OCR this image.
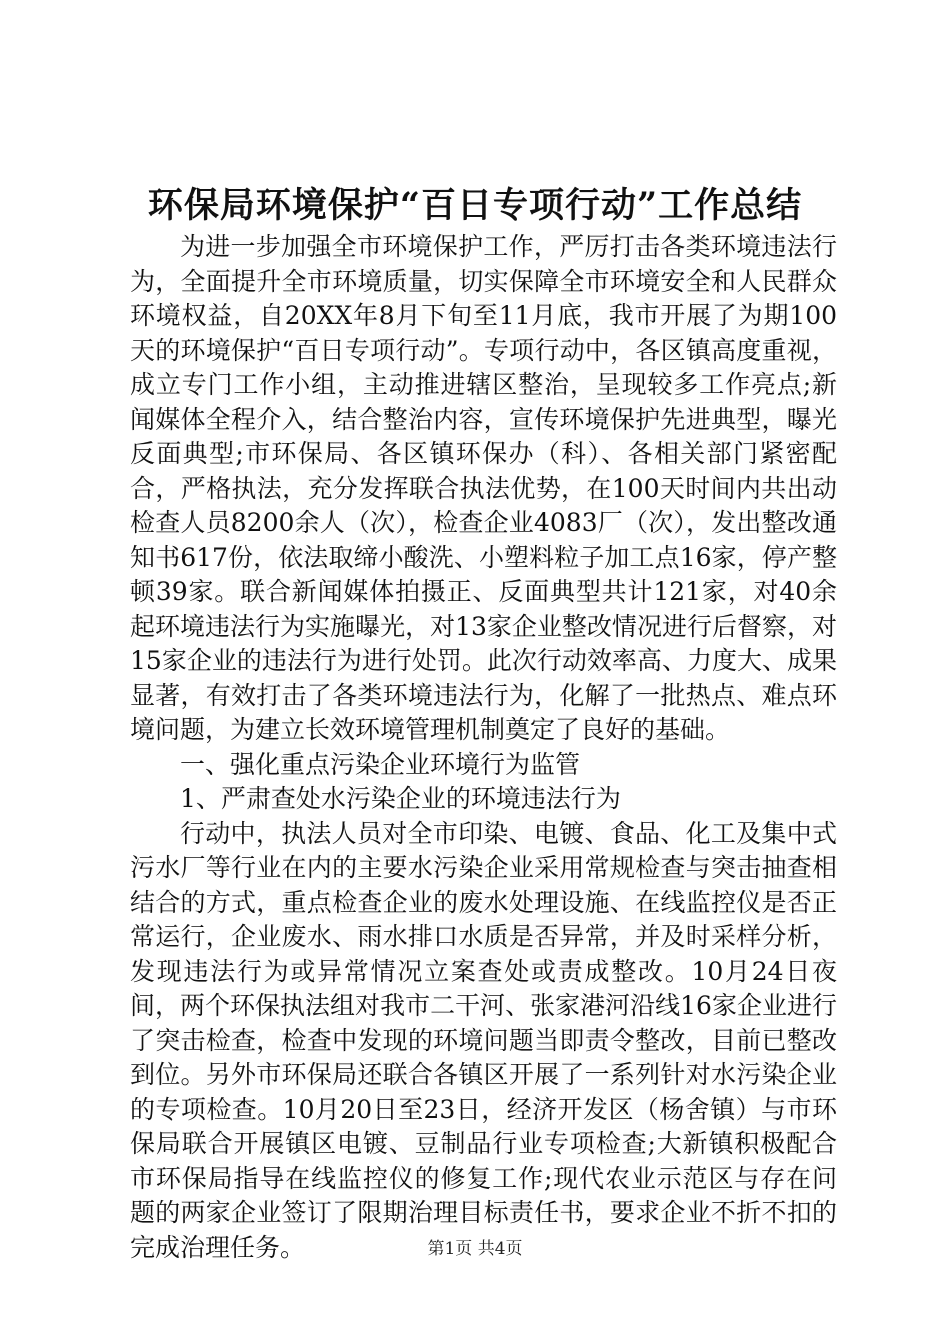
环保局环境保护“百日专项行动”工作总结

为进一步加强全市环境保护工作，严厉打击各类环境违法行为，全面提升全市环境质量，切实保障全市环境安全和人民群众环境权益，自20XX年8月下旬至11月底，我市开展了为期100天的环境保护“百日专项行动”。专项行动中，各区镇高度重视，成立专门工作小组，主动推进辖区整治，呈现较多工作亮点;新闻媒体全程介入，结合整治内容，宣传环境保护先进典型，曝光反面典型;市环保局、各区镇环保办（科）、各相关部门紧密配合，严格执法，充分发挥联合执法优势，在100天时间内共出动检查人员8200余人（次），检查企业4083厂（次），发出整改通知书617份，依法取缔小酸洗、小塑料粒子加工点16家，停产整顿39家。联合新闻媒体拍摄正、反面典型共计121家，对40余起环境违法行为实施曝光，对13家企业整改情况进行后督察，对15家企业的违法行为进行处罚。此次行动效率高、力度大、成果显著，有效打击了各类环境违法行为，化解了一批热点、难点环境问题，为建立长效环境管理机制奠定了良好的基础。

一、强化重点污染企业环境行为监管

1、严肃查处水污染企业的环境违法行为

行动中，执法人员对全市印染、电镀、食品、化工及集中式污水厂等行业在内的主要水污染企业采用常规检查与突击抽查相结合的方式，重点检查企业的废水处理设施、在线监控仪是否正常运行，企业废水、雨水排口水质是否异常，并及时采样分析，发现违法行为或异常情况立案查处或责成整改。10月24日夜间，两个环保执法组对我市二干河、张家港河沿线16家企业进行了突击检查，检查中发现的环境问题当即责令整改，目前已整改到位。另外市环保局还联合各镇区开展了一系列针对水污染企业的专项检查。10月20日至23日，经济开发区（杨舍镇）与市环保局联合开展镇区电镀、豆制品行业专项检查;大新镇积极配合市环保局指导在线监控仪的修复工作;现代农业示范区与存在问题的两家企业签订了限期治理目标责任书，要求企业不折不扣的完成治理任务。	第1页 共4页
